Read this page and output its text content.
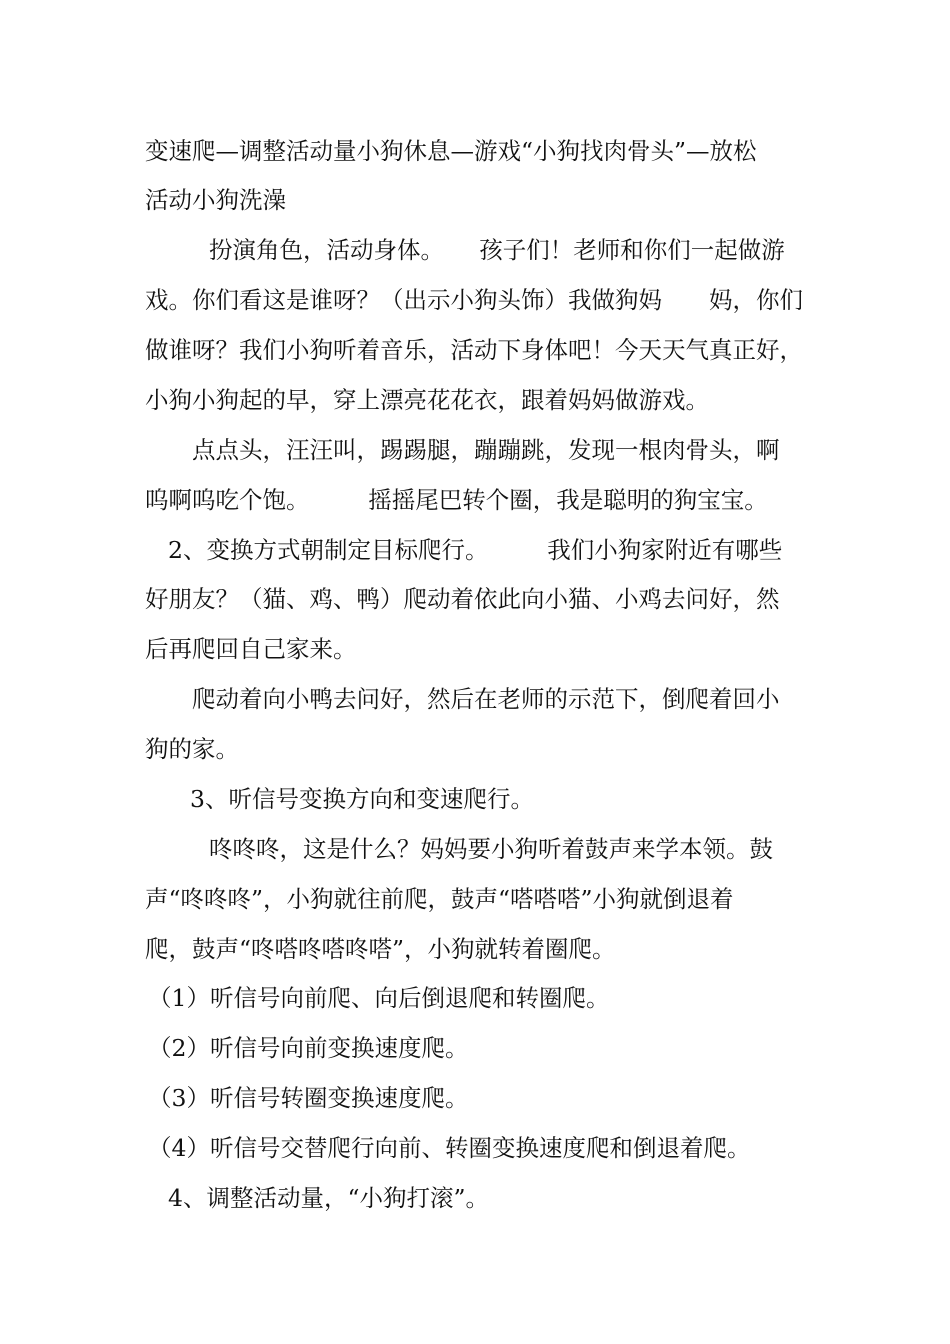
变速爬—调整活动量小狗休息—游戏“小狗找肉骨头”—放松
活动小狗洗澡
扮演角色，活动身体。　　孩子们！老师和你们一起做游
戏。你们看这是谁呀？（出示小狗头饰）我做狗妈　　妈，你们
做谁呀？我们小狗听着音乐，活动下身体吧！今天天气真正好，
小狗小狗起的早，穿上漂亮花花衣，跟着妈妈做游戏。
点点头，汪汪叫，踢踢腿，蹦蹦跳，发现一根肉骨头，啊
呜啊呜吃个饱。　　　摇摇尾巴转个圈，我是聪明的狗宝宝。
2、变换方式朝制定目标爬行。　　　我们小狗家附近有哪些
好朋友？（猫、鸡、鸭）爬动着依此向小猫、小鸡去问好，然
后再爬回自己家来。
爬动着向小鸭去问好，然后在老师的示范下，倒爬着回小
狗的家。
3、听信号变换方向和变速爬行。
咚咚咚，这是什么？妈妈要小狗听着鼓声来学本领。鼓
声“咚咚咚”，小狗就往前爬，鼓声“嗒嗒嗒”小狗就倒退着
爬，鼓声“咚嗒咚嗒咚嗒”，小狗就转着圈爬。
（1）听信号向前爬、向后倒退爬和转圈爬。
（2）听信号向前变换速度爬。
（3）听信号转圈变换速度爬。
（4）听信号交替爬行向前、转圈变换速度爬和倒退着爬。
4、调整活动量，“小狗打滚”。
